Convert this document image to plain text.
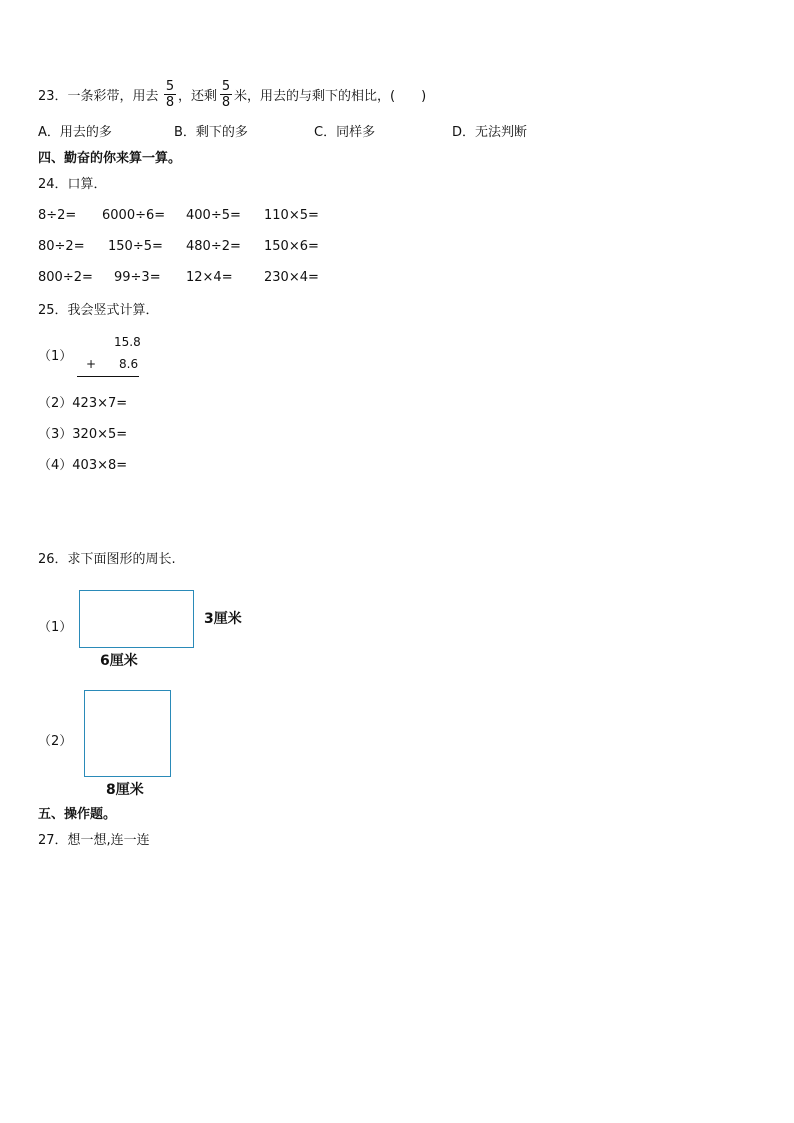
23．一条彩带，用去
5
8 ，还剩
5
8 米，用去的与剩下的相比，(　　)
A．用去的多	B．剩下的多	C．同样多	D．无法判断
四、勤奋的你来算一算。
24．口算．
8÷2= 6000÷6= 400÷5= 110×5=
80÷2= 150÷5= 480÷2= 150×6=
800÷2= 99÷3= 12×4= 230×4=
25．我会竖式计算．
（1）
15.8
+ 8.6
（2）423×7=
（3）320×5=
（4）403×8=
26．求下面图形的周长.
（1）
3厘米
6厘米
（2）
8厘米
五、操作题。
27．想一想,连一连
